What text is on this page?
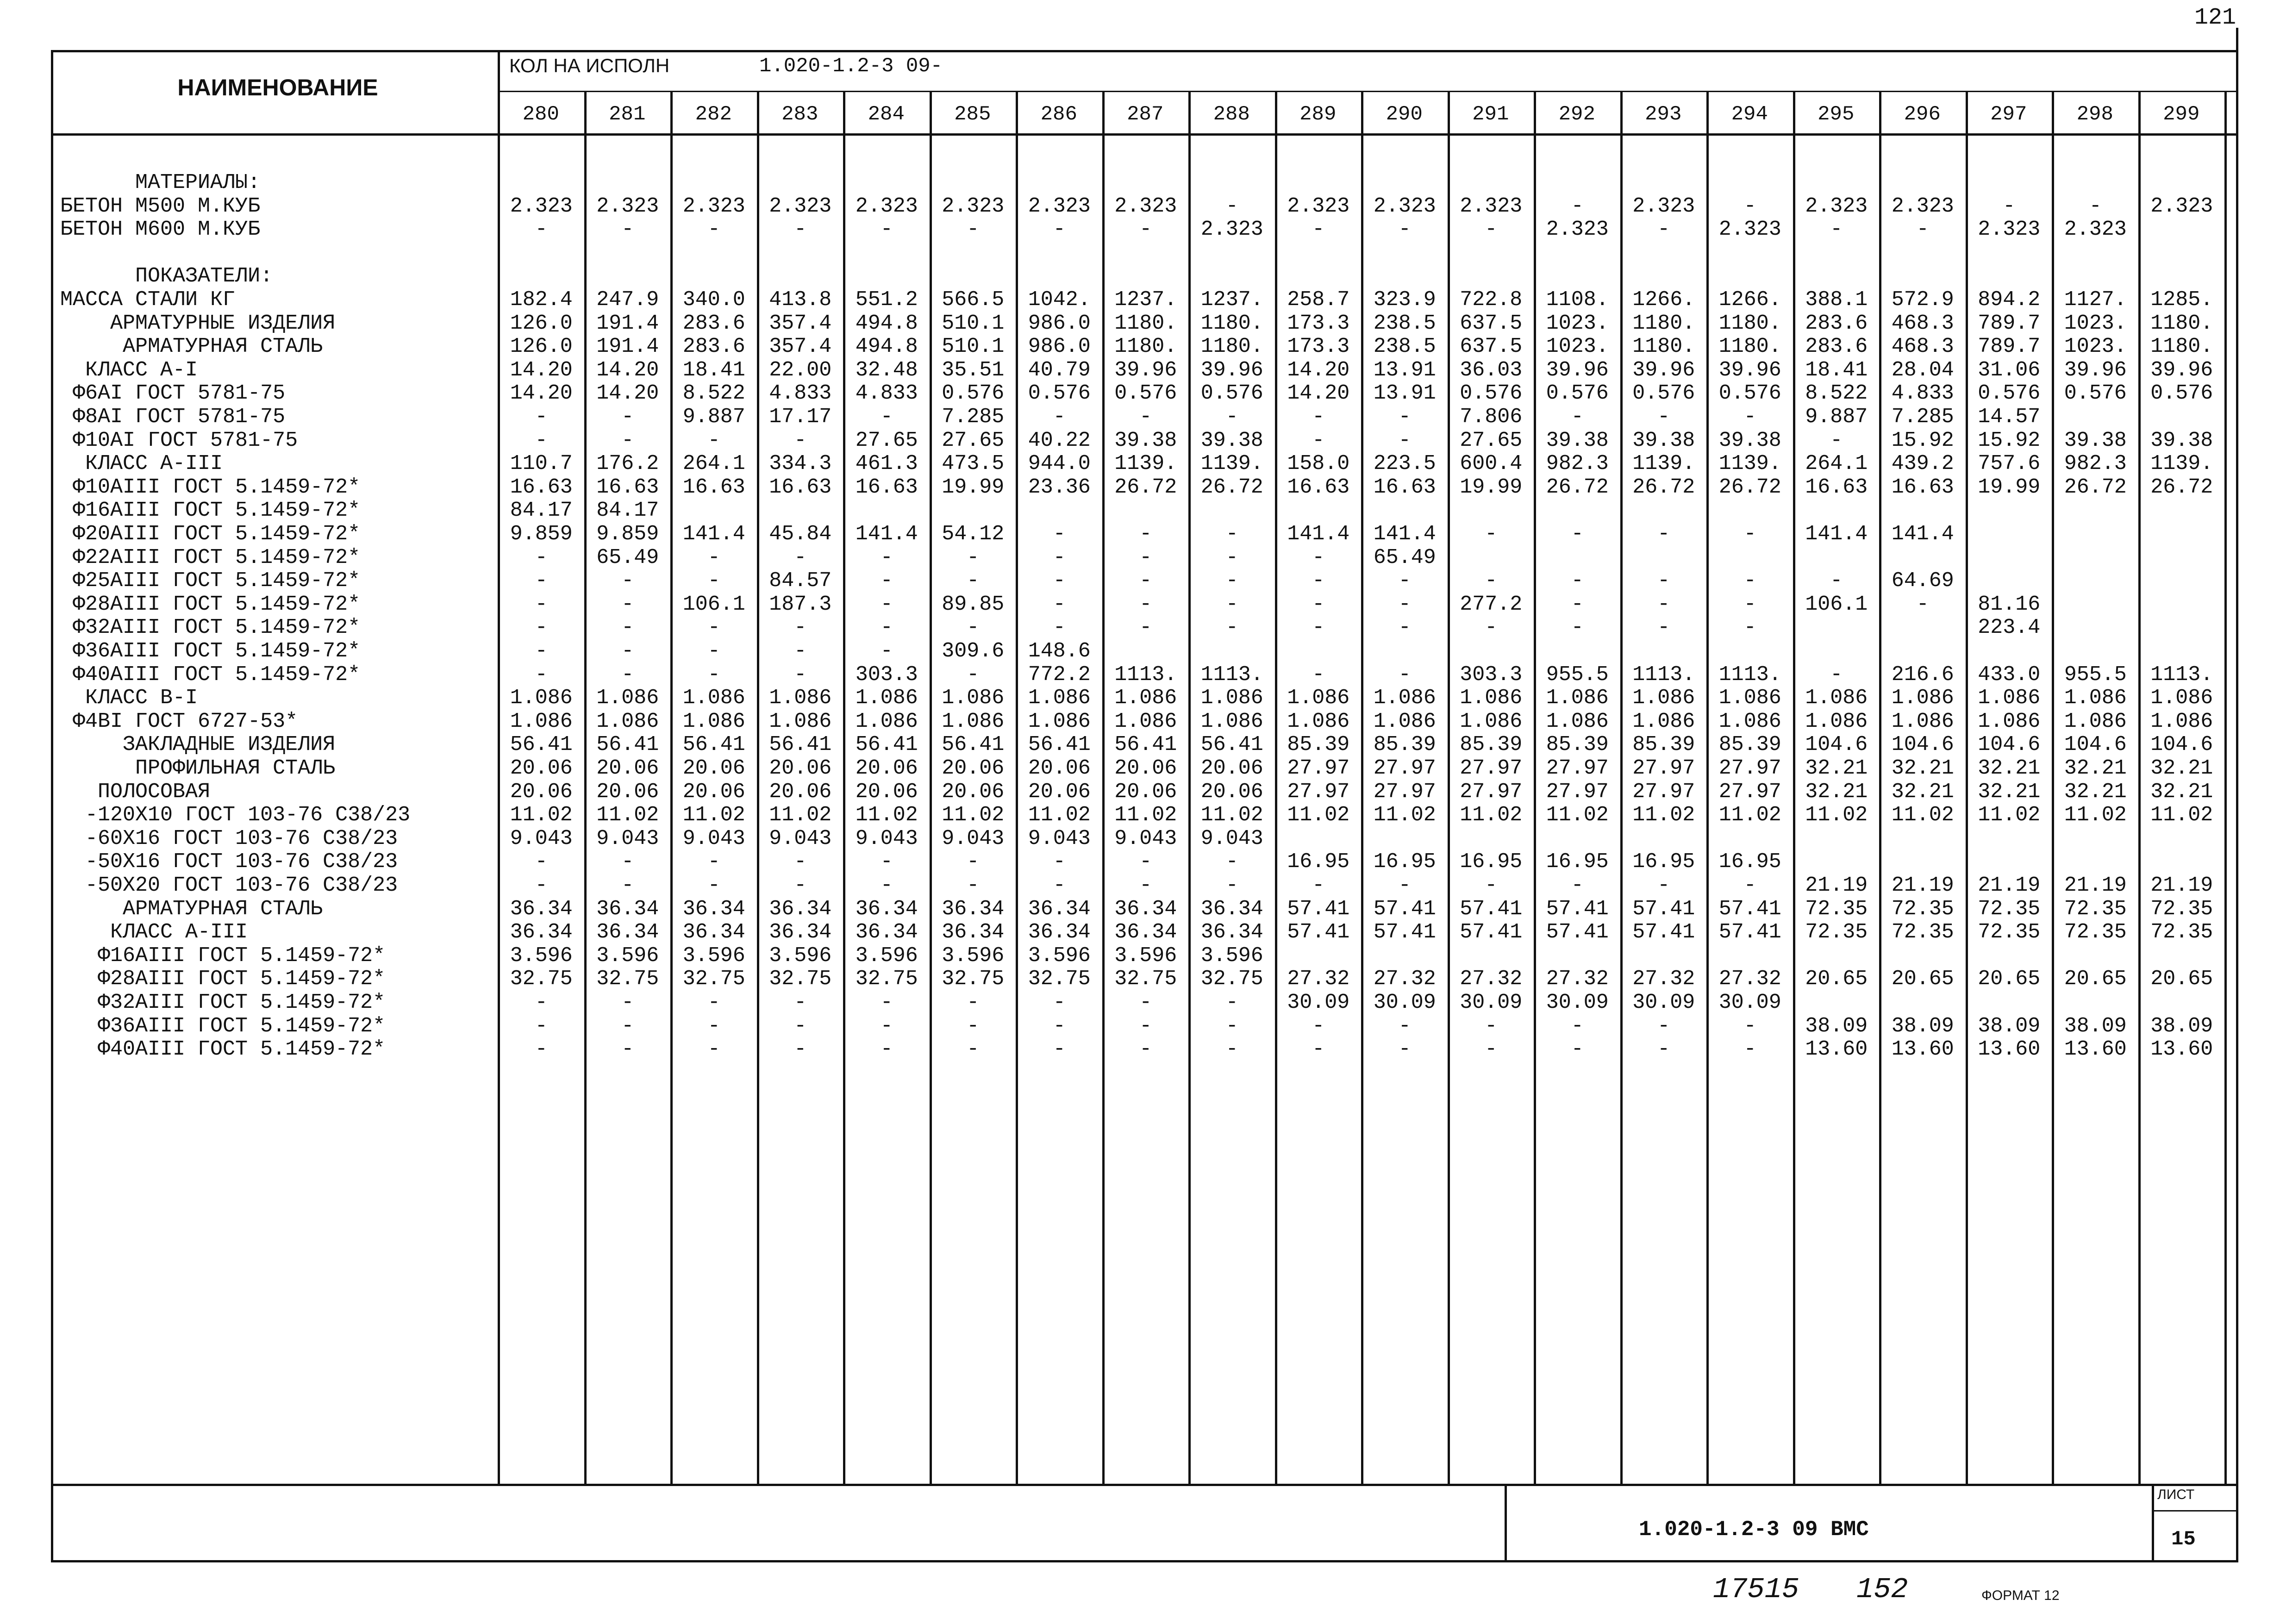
НАИМЕНОВАНИЕ
КОЛ НА ИСПОЛН	1.020-1.2-3 09-
280	281	282	283	284	285	286	287	288	289	290	291	292	293	294	295	296	297	298	299
МАТЕРИАЛЫ:
БЕТОН М500 М.КУБ	2.323	2.323	2.323	2.323	2.323	2.323	2.323	2.323	-	2.323	2.323	2.323	-	2.323	-	2.323	2.323	-	-	2.323
БЕТОН М600 М.КУБ	-	-	-	-	-	-	-	-	2.323	-	-	-	2.323	-	2.323	-	-	2.323	2.323
ПОКАЗАТЕЛИ:
МАССА СТАЛИ КГ	182.4	247.9	340.0	413.8	551.2	566.5	1042.	1237.	1237.	258.7	323.9	722.8	1108.	1266.	1266.	388.1	572.9	894.2	1127.	1285.
АРМАТУРНЫЕ ИЗДЕЛИЯ	126.0	191.4	283.6	357.4	494.8	510.1	986.0	1180.	1180.	173.3	238.5	637.5	1023.	1180.	1180.	283.6	468.3	789.7	1023.	1180.
АРМАТУРНАЯ СТАЛЬ	126.0	191.4	283.6	357.4	494.8	510.1	986.0	1180.	1180.	173.3	238.5	637.5	1023.	1180.	1180.	283.6	468.3	789.7	1023.	1180.
КЛАСС А-I	14.20	14.20	18.41	22.00	32.48	35.51	40.79	39.96	39.96	14.20	13.91	36.03	39.96	39.96	39.96	18.41	28.04	31.06	39.96	39.96
Ф6АI ГОСТ 5781-75	14.20	14.20	8.522	4.833	4.833	0.576	0.576	0.576	0.576	14.20	13.91	0.576	0.576	0.576	0.576	8.522	4.833	0.576	0.576	0.576
Ф8АI ГОСТ 5781-75	-	-	9.887	17.17	-	7.285	-	-	-	-	-	7.806	-	-	-	9.887	7.285	14.57
Ф10АI ГОСТ 5781-75	-	-	-	-	27.65	27.65	40.22	39.38	39.38	-	-	27.65	39.38	39.38	39.38	-	15.92	15.92	39.38	39.38
КЛАСС А-III	110.7	176.2	264.1	334.3	461.3	473.5	944.0	1139.	1139.	158.0	223.5	600.4	982.3	1139.	1139.	264.1	439.2	757.6	982.3	1139.
Ф10АIII ГОСТ 5.1459-72*	16.63	16.63	16.63	16.63	16.63	19.99	23.36	26.72	26.72	16.63	16.63	19.99	26.72	26.72	26.72	16.63	16.63	19.99	26.72	26.72
Ф16АIII ГОСТ 5.1459-72*	84.17	84.17
Ф20АIII ГОСТ 5.1459-72*	9.859	9.859	141.4	45.84	141.4	54.12	-	-	-	141.4	141.4	-	-	-	-	141.4	141.4
Ф22АIII ГОСТ 5.1459-72*	-	65.49	-	-	-	-	-	-	-	-	65.49
Ф25АIII ГОСТ 5.1459-72*	-	-	-	84.57	-	-	-	-	-	-	-	-	-	-	-	-	64.69
Ф28АIII ГОСТ 5.1459-72*	-	-	106.1	187.3	-	89.85	-	-	-	-	-	277.2	-	-	-	106.1	-	81.16
Ф32АIII ГОСТ 5.1459-72*	-	-	-	-	-	-	-	-	-	-	-	-	-	-	-	223.4
Ф36АIII ГОСТ 5.1459-72*	-	-	-	-	-	309.6	148.6
Ф40АIII ГОСТ 5.1459-72*	-	-	-	-	303.3	-	772.2	1113.	1113.	-	-	303.3	955.5	1113.	1113.	-	216.6	433.0	955.5	1113.
КЛАСС В-I	1.086	1.086	1.086	1.086	1.086	1.086	1.086	1.086	1.086	1.086	1.086	1.086	1.086	1.086	1.086	1.086	1.086	1.086	1.086	1.086
Ф4ВI ГОСТ 6727-53*	1.086	1.086	1.086	1.086	1.086	1.086	1.086	1.086	1.086	1.086	1.086	1.086	1.086	1.086	1.086	1.086	1.086	1.086	1.086	1.086
ЗАКЛАДНЫЕ ИЗДЕЛИЯ	56.41	56.41	56.41	56.41	56.41	56.41	56.41	56.41	56.41	85.39	85.39	85.39	85.39	85.39	85.39	104.6	104.6	104.6	104.6	104.6
ПРОФИЛЬНАЯ СТАЛЬ	20.06	20.06	20.06	20.06	20.06	20.06	20.06	20.06	20.06	27.97	27.97	27.97	27.97	27.97	27.97	32.21	32.21	32.21	32.21	32.21
ПОЛОСОВАЯ	20.06	20.06	20.06	20.06	20.06	20.06	20.06	20.06	20.06	27.97	27.97	27.97	27.97	27.97	27.97	32.21	32.21	32.21	32.21	32.21
-120Х10 ГОСТ 103-76 С38/23	11.02	11.02	11.02	11.02	11.02	11.02	11.02	11.02	11.02	11.02	11.02	11.02	11.02	11.02	11.02	11.02	11.02	11.02	11.02	11.02
-60Х16 ГОСТ 103-76 С38/23	9.043	9.043	9.043	9.043	9.043	9.043	9.043	9.043	9.043
-50Х16 ГОСТ 103-76 С38/23	-	-	-	-	-	-	-	-	-	16.95	16.95	16.95	16.95	16.95	16.95
-50Х20 ГОСТ 103-76 С38/23	-	-	-	-	-	-	-	-	-	-	-	-	-	-	-	21.19	21.19	21.19	21.19	21.19
АРМАТУРНАЯ СТАЛЬ	36.34	36.34	36.34	36.34	36.34	36.34	36.34	36.34	36.34	57.41	57.41	57.41	57.41	57.41	57.41	72.35	72.35	72.35	72.35	72.35
КЛАСС А-III	36.34	36.34	36.34	36.34	36.34	36.34	36.34	36.34	36.34	57.41	57.41	57.41	57.41	57.41	57.41	72.35	72.35	72.35	72.35	72.35
Ф16АIII ГОСТ 5.1459-72*	3.596	3.596	3.596	3.596	3.596	3.596	3.596	3.596	3.596
Ф28АIII ГОСТ 5.1459-72*	32.75	32.75	32.75	32.75	32.75	32.75	32.75	32.75	32.75	27.32	27.32	27.32	27.32	27.32	27.32	20.65	20.65	20.65	20.65	20.65
Ф32АIII ГОСТ 5.1459-72*	-	-	-	-	-	-	-	-	-	30.09	30.09	30.09	30.09	30.09	30.09
Ф36АIII ГОСТ 5.1459-72*	-	-	-	-	-	-	-	-	-	-	-	-	-	-	-	38.09	38.09	38.09	38.09	38.09
Ф40АIII ГОСТ 5.1459-72*	-	-	-	-	-	-	-	-	-	-	-	-	-	-	-	13.60	13.60	13.60	13.60	13.60
1.020-1.2-3 09 ВМС
ЛИСТ
15
121
17515 152	ФОРМАТ 12
